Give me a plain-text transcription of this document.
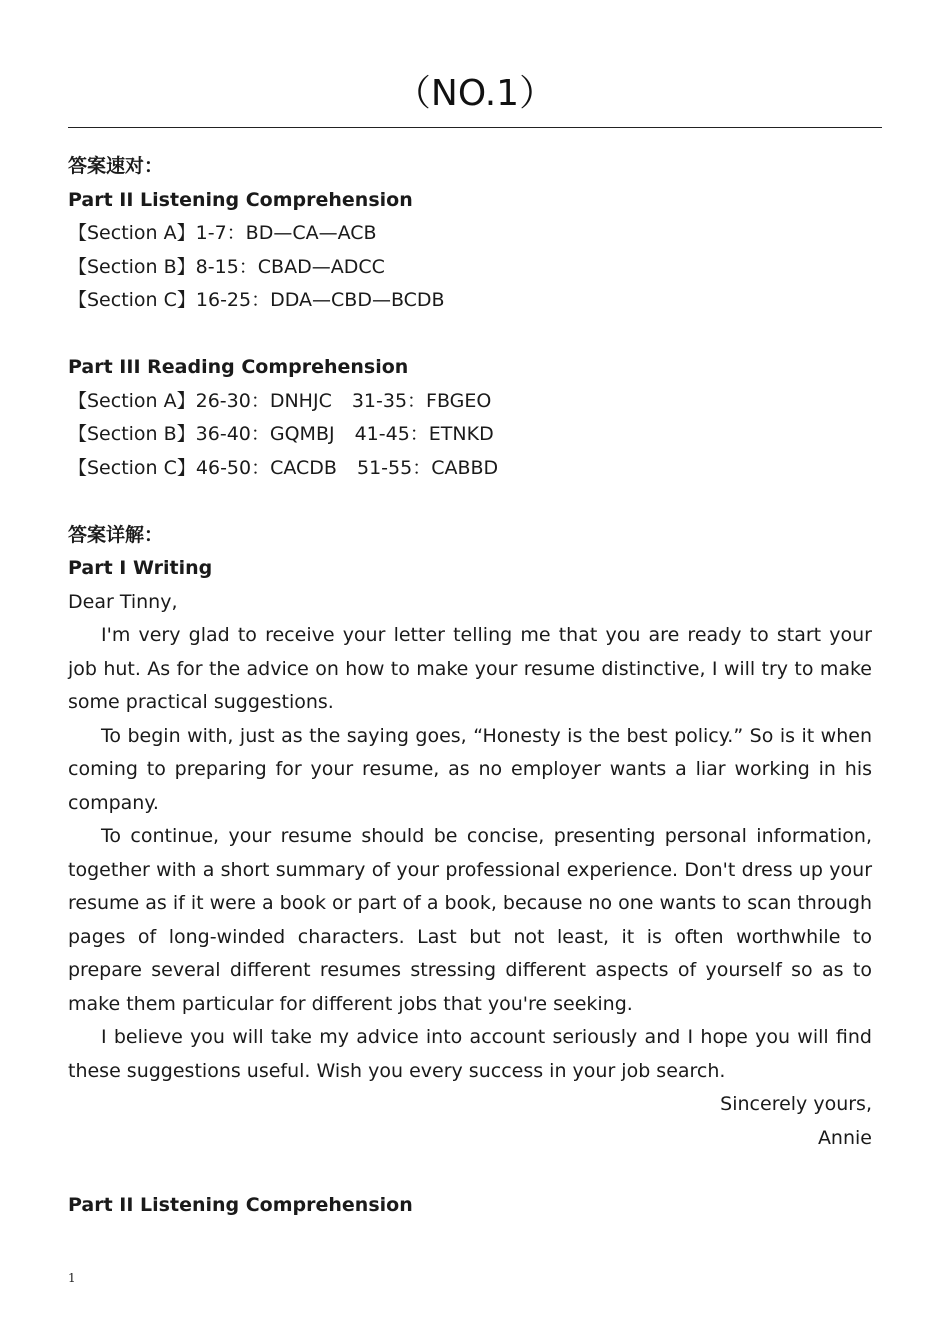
（NO.1）
答案速对：
Part II Listening Comprehension
【Section A】1-7：BD—CA—ACB
【Section B】8-15：CBAD—ADCC
【Section C】16-25：DDA—CBD—BCDB
Part III Reading Comprehension
【Section A】26-30：DNHJC 31-35：FBGEO
【Section B】36-40：GQMBJ 41-45：ETNKD
【Section C】46-50：CACDB 51-55：CABBD
答案详解：
Part I Writing
Dear Tinny,

I'm very glad to receive your letter telling me that you are ready to start your job hut. As for the advice on how to make your resume distinctive, I will try to make some practical suggestions.

To begin with, just as the saying goes, “Honesty is the best policy.” So is it when coming to preparing for your resume, as no employer wants a liar working in his company.

To continue, your resume should be concise, presenting personal information, together with a short summary of your professional experience. Don't dress up your resume as if it were a book or part of a book, because no one wants to scan through pages of long-winded characters. Last but not least, it is often worthwhile to prepare several different resumes stressing different aspects of yourself so as to make them particular for different jobs that you're seeking.

I believe you will take my advice into account seriously and I hope you will find these suggestions useful. Wish you every success in your job search.

Sincerely yours,
Annie
Part II Listening Comprehension
1
